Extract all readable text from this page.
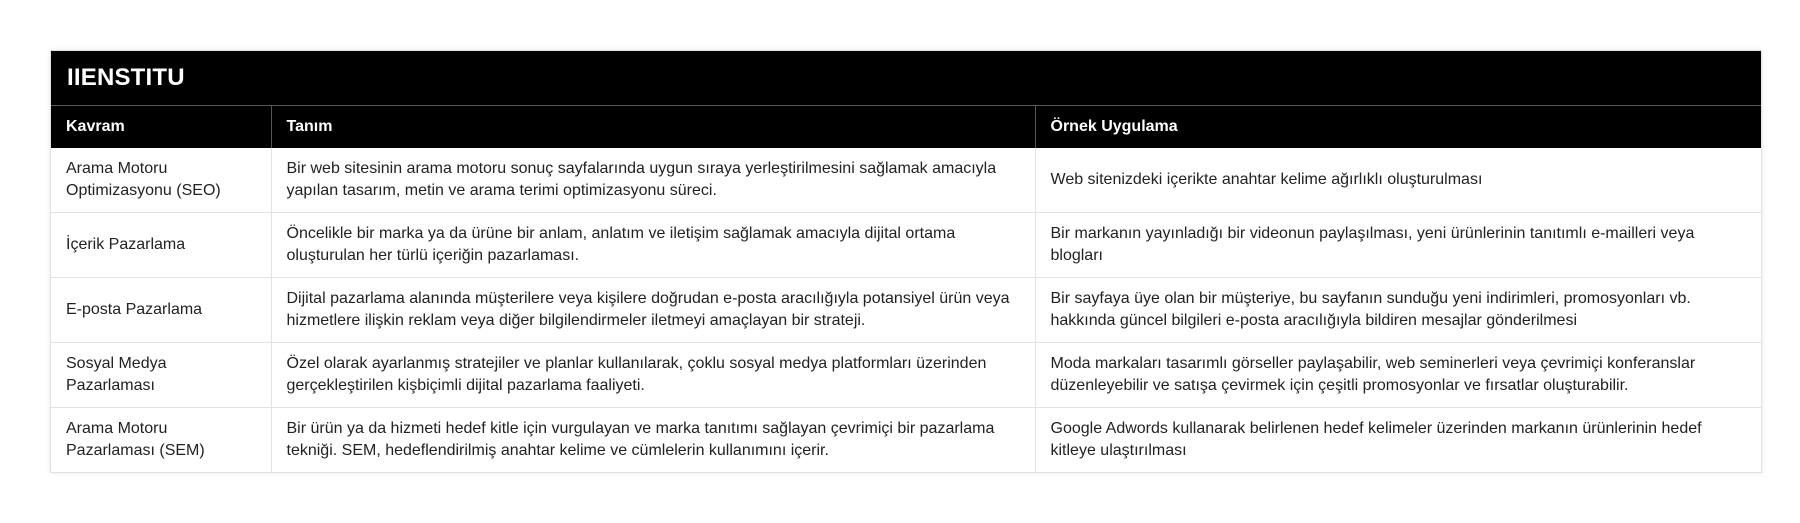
IIENSTITU
Kavram	Tanım	Örnek Uygulama
Arama Motoru Optimizasyonu (SEO)	Bir web sitesinin arama motoru sonuç sayfalarında uygun sıraya yerleştirilmesini sağlamak amacıyla yapılan tasarım, metin ve arama terimi optimizasyonu süreci.	Web sitenizdeki içerikte anahtar kelime ağırlıklı oluşturulması
İçerik Pazarlama	Öncelikle bir marka ya da ürüne bir anlam, anlatım ve iletişim sağlamak amacıyla dijital ortama oluşturulan her türlü içeriğin pazarlaması.	Bir markanın yayınladığı bir videonun paylaşılması, yeni ürünlerinin tanıtımlı e-mailleri veya blogları
E-posta Pazarlama	Dijital pazarlama alanında müşterilere veya kişilere doğrudan e-posta aracılığıyla potansiyel ürün veya hizmetlere ilişkin reklam veya diğer bilgilendirmeler iletmeyi amaçlayan bir strateji.	Bir sayfaya üye olan bir müşteriye, bu sayfanın sunduğu yeni indirimleri, promosyonları vb. hakkında güncel bilgileri e-posta aracılığıyla bildiren mesajlar gönderilmesi
Sosyal Medya Pazarlaması	Özel olarak ayarlanmış stratejiler ve planlar kullanılarak, çoklu sosyal medya platformları üzerinden gerçekleştirilen kişbiçimli dijital pazarlama faaliyeti.	Moda markaları tasarımlı görseller paylaşabilir, web seminerleri veya çevrimiçi konferanslar düzenleyebilir ve satışa çevirmek için çeşitli promosyonlar ve fırsatlar oluşturabilir.
Arama Motoru Pazarlaması (SEM)	Bir ürün ya da hizmeti hedef kitle için vurgulayan ve marka tanıtımı sağlayan çevrimiçi bir pazarlama tekniği. SEM, hedeflendirilmiş anahtar kelime ve cümlelerin kullanımını içerir.	Google Adwords kullanarak belirlenen hedef kelimeler üzerinden markanın ürünlerinin hedef kitleye ulaştırılması
